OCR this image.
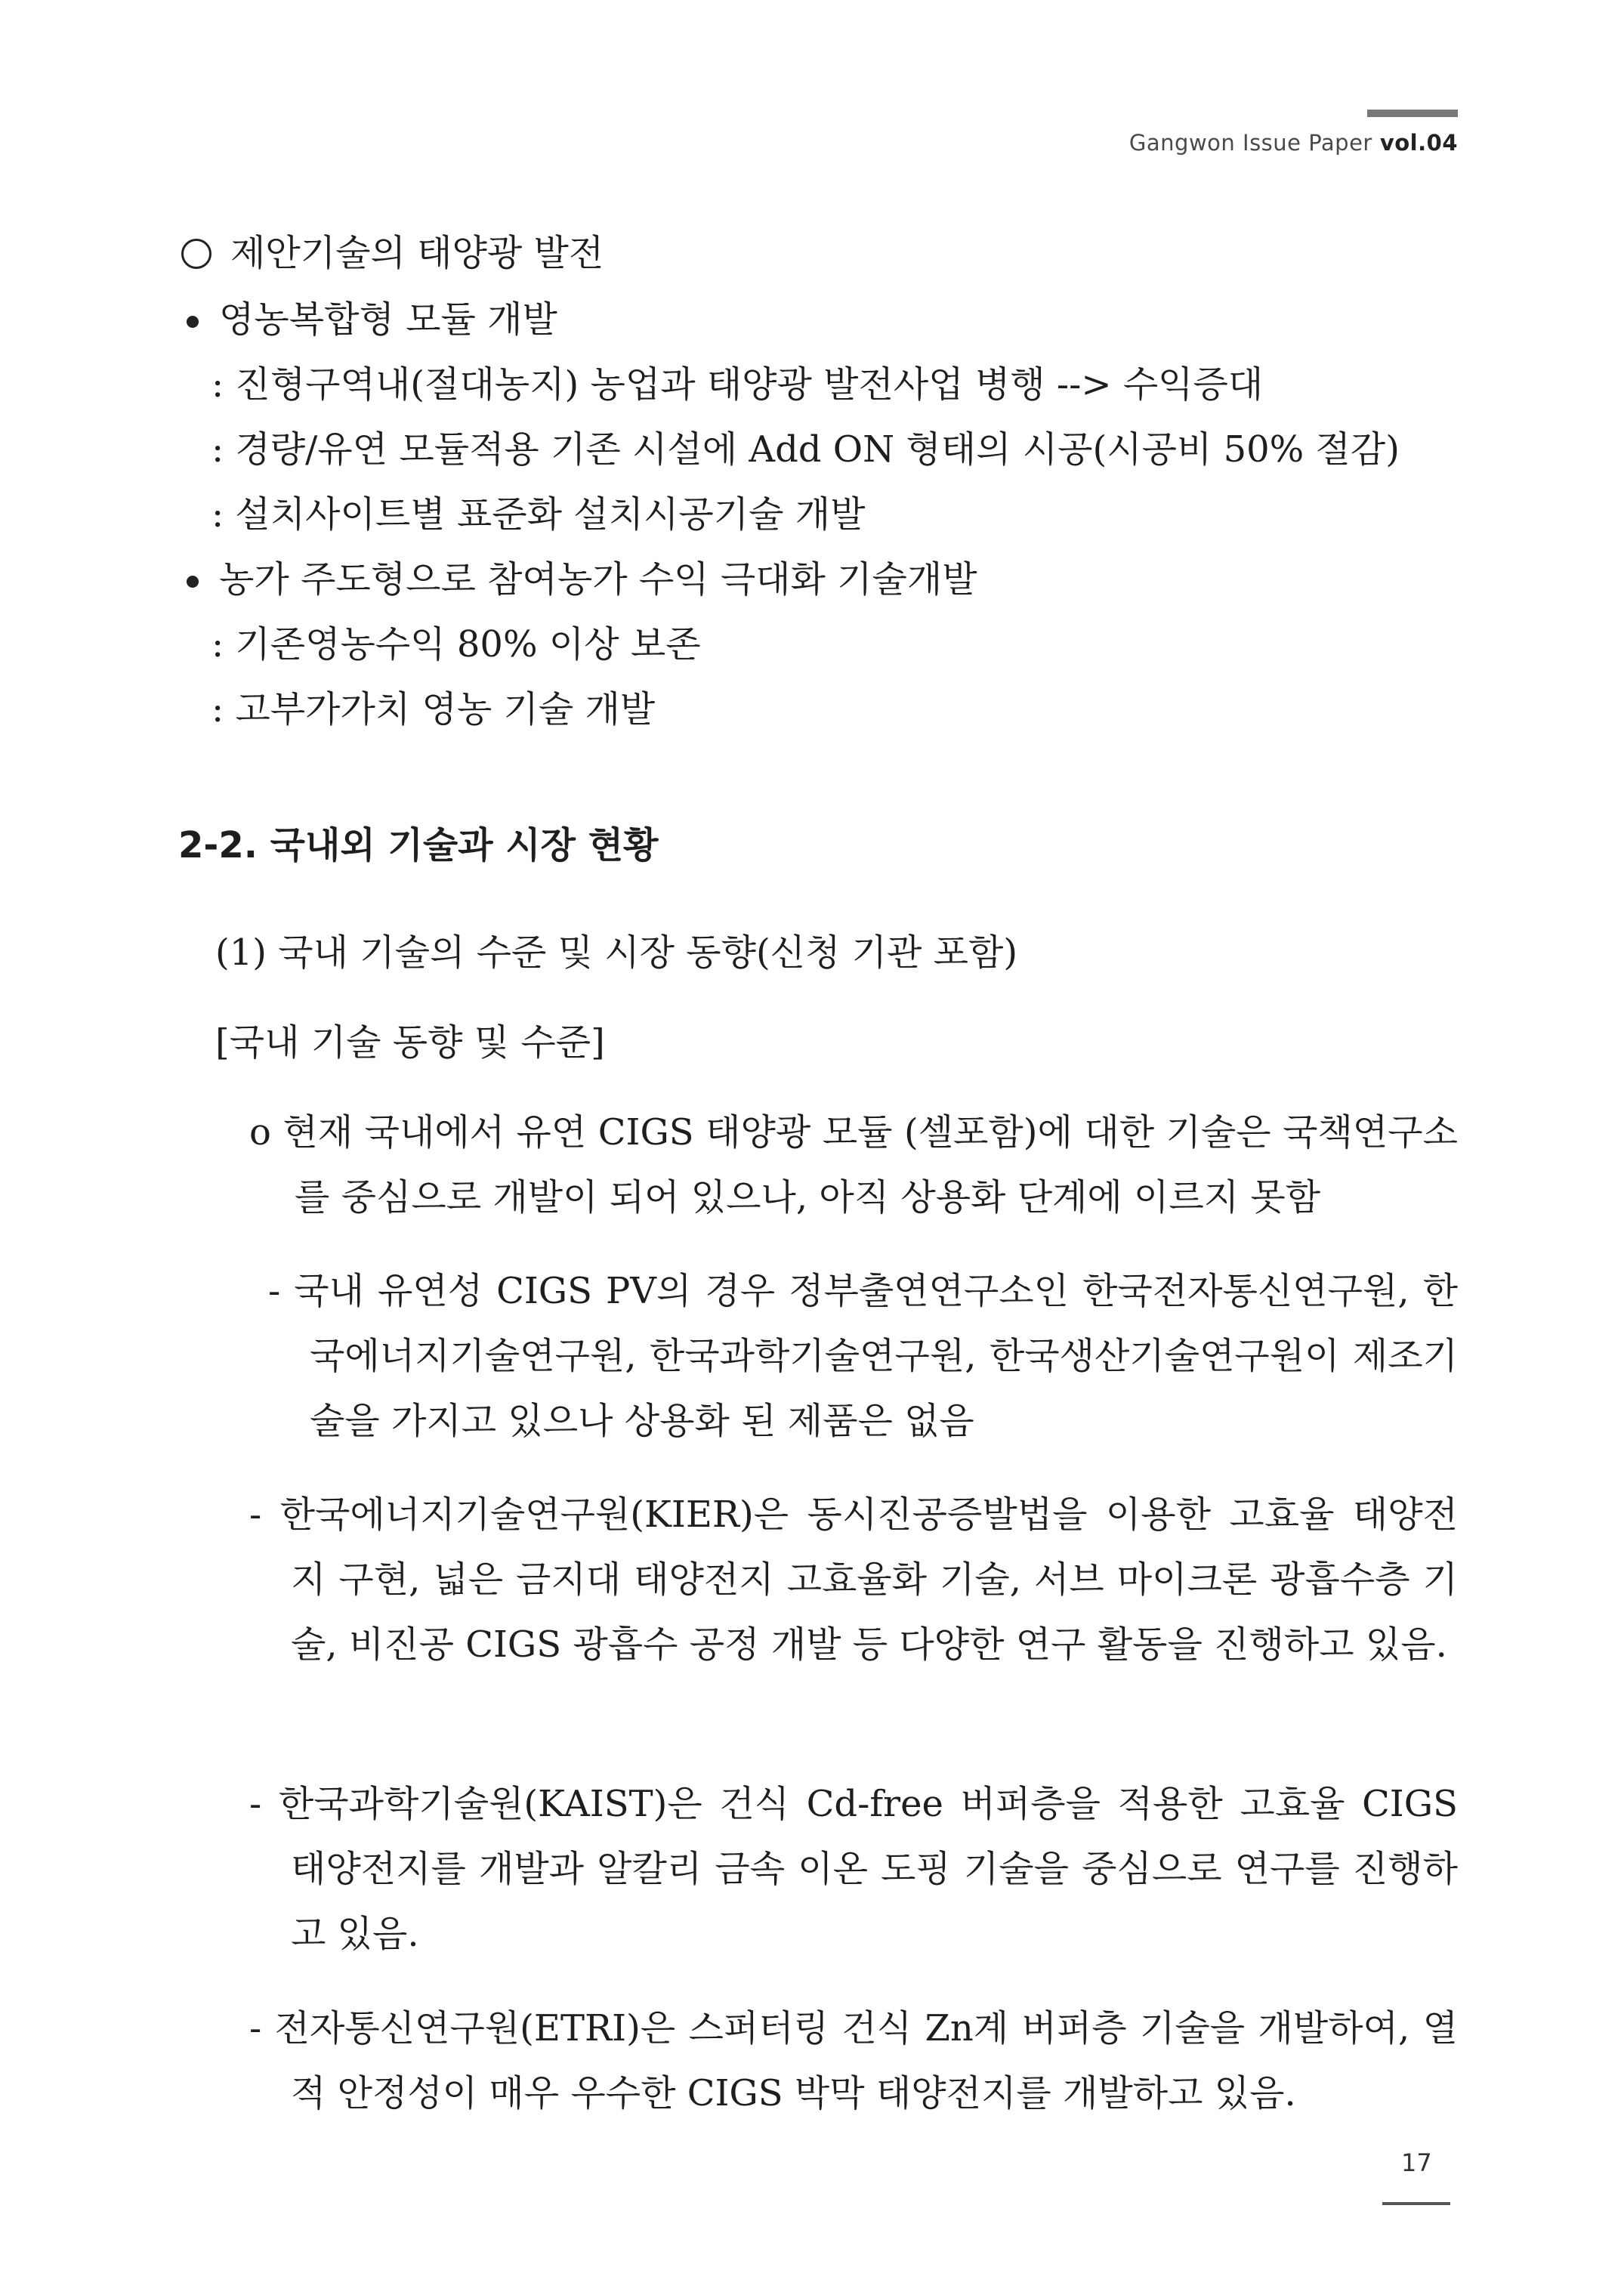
Gangwon Issue Paper vol.04
제안기술의 태양광 발전
영농복합형 모듈 개발
: 진형구역내(절대농지) 농업과 태양광 발전사업 병행 --> 수익증대
: 경량/유연 모듈적용 기존 시설에 Add ON 형태의 시공(시공비 50% 절감)
: 설치사이트별 표준화 설치시공기술 개발
농가 주도형으로 참여농가 수익 극대화 기술개발
: 기존영농수익 80% 이상 보존
: 고부가가치 영농 기술 개발
2-2. 국내외 기술과 시장 현황
(1) 국내 기술의 수준 및 시장 동향(신청 기관 포함)
[국내 기술 동향 및 수준]
o 현재 국내에서 유연 CIGS 태양광 모듈 (셀포함)에 대한 기술은 국책연구소를 중심으로 개발이 되어 있으나, 아직 상용화 단계에 이르지 못함
- 국내 유연성 CIGS PV의 경우 정부출연연구소인 한국전자통신연구원, 한국에너지기술연구원, 한국과학기술연구원, 한국생산기술연구원이 제조기술을 가지고 있으나 상용화 된 제품은 없음
- 한국에너지기술연구원(KIER)은 동시진공증발법을 이용한 고효율 태양전지 구현, 넓은 금지대 태양전지 고효율화 기술, 서브 마이크론 광흡수층 기술, 비진공 CIGS 광흡수 공정 개발 등 다양한 연구 활동을 진행하고 있음.
- 한국과학기술원(KAIST)은 건식 Cd-free 버퍼층을 적용한 고효율 CIGS 태양전지를 개발과 알칼리 금속 이온 도핑 기술을 중심으로 연구를 진행하고 있음.
- 전자통신연구원(ETRI)은 스퍼터링 건식 Zn계 버퍼층 기술을 개발하여, 열적 안정성이 매우 우수한 CIGS 박막 태양전지를 개발하고 있음.
17
